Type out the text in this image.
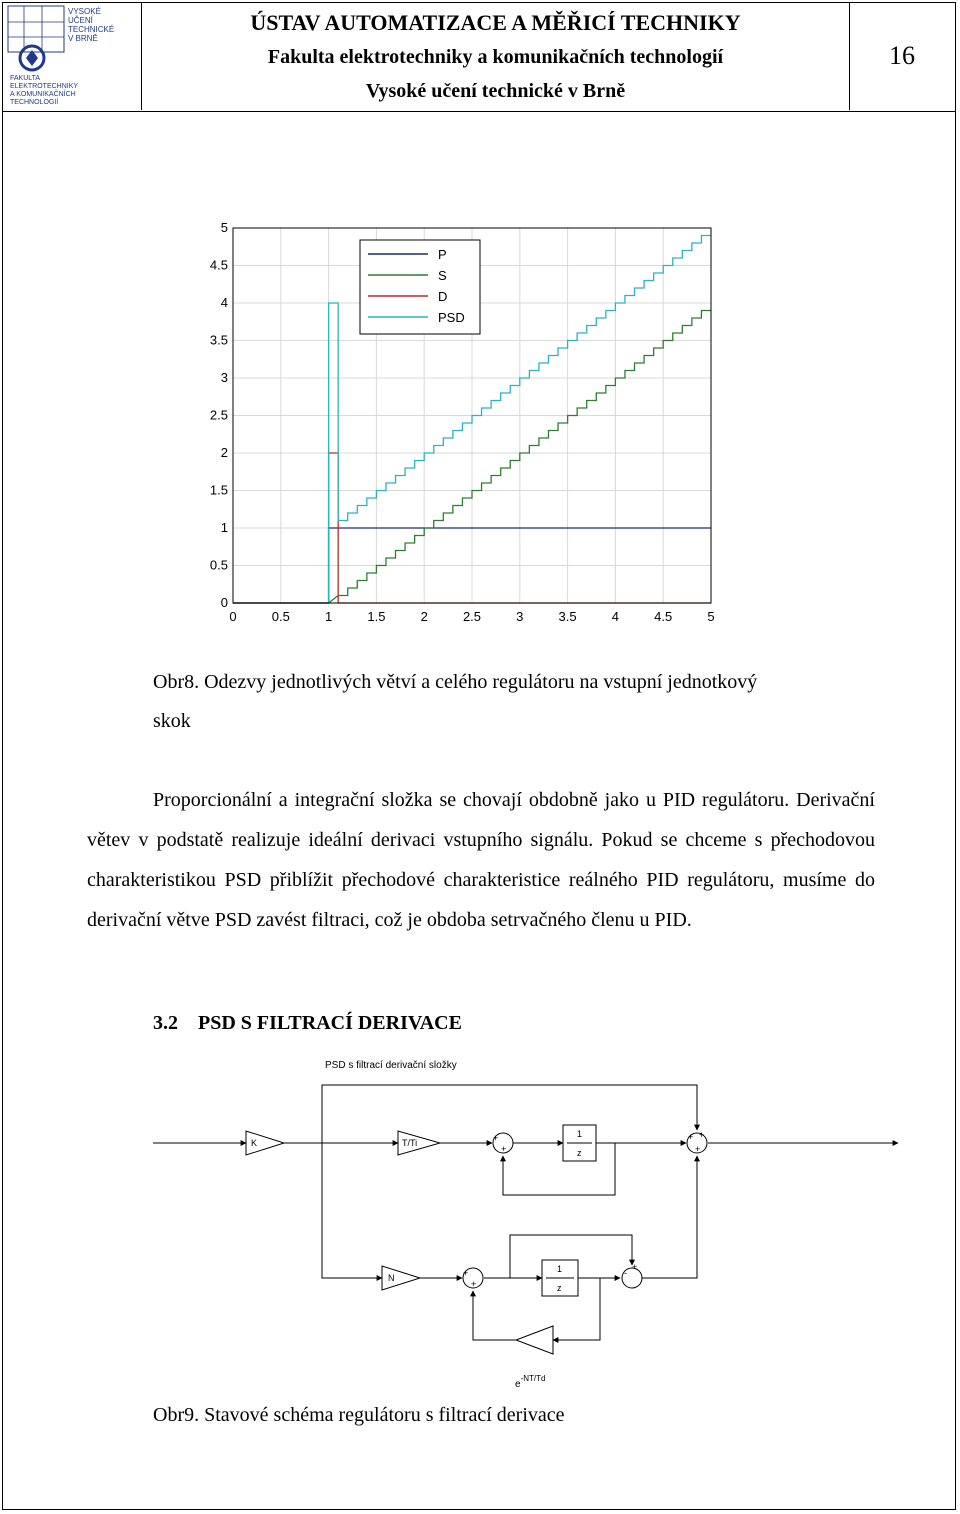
VYSOKÉ
UČENÍ
TECHNICKÉ
V BRNĚ
FAKULTA
ELEKTROTECHNIKY
A KOMUNIKAČNÍCH
TECHNOLOGIÍ
ÚSTAV AUTOMATIZACE A MĚŘICÍ TECHNIKY
Fakulta elektrotechniky a komunikačních technologií
Vysoké učení technické v Brně
16
0	0.5	1	1.5	2	2.5	3	3.5	4	4.5	5
0
0.5
1
1.5
2
2.5
3
3.5
4
4.5
5
P
S
D
PSD
Obr8. Odezvy jednotlivých větví a celého regulátoru na vstupní jednotkový
skok
Proporcionální a integrační složka se chovají obdobně jako u PID regulátoru. Derivační větev v podstatě realizuje ideální derivaci vstupního signálu. Pokud se chceme s přechodovou charakteristikou PSD přiblížit přechodové charakteristice reálného PID regulátoru, musíme do derivační větve PSD zavést filtraci, což je obdoba setrvačného členu u PID.
3.2 PSD S FILTRACÍ DERIVACE
PSD s filtrací derivační složky
K	T/Ti
N
1
z
1
z
$e^{-NT/Td}$
+
+
+
+
+
+
+
-
+
Obr9. Stavové schéma regulátoru s filtrací derivace
